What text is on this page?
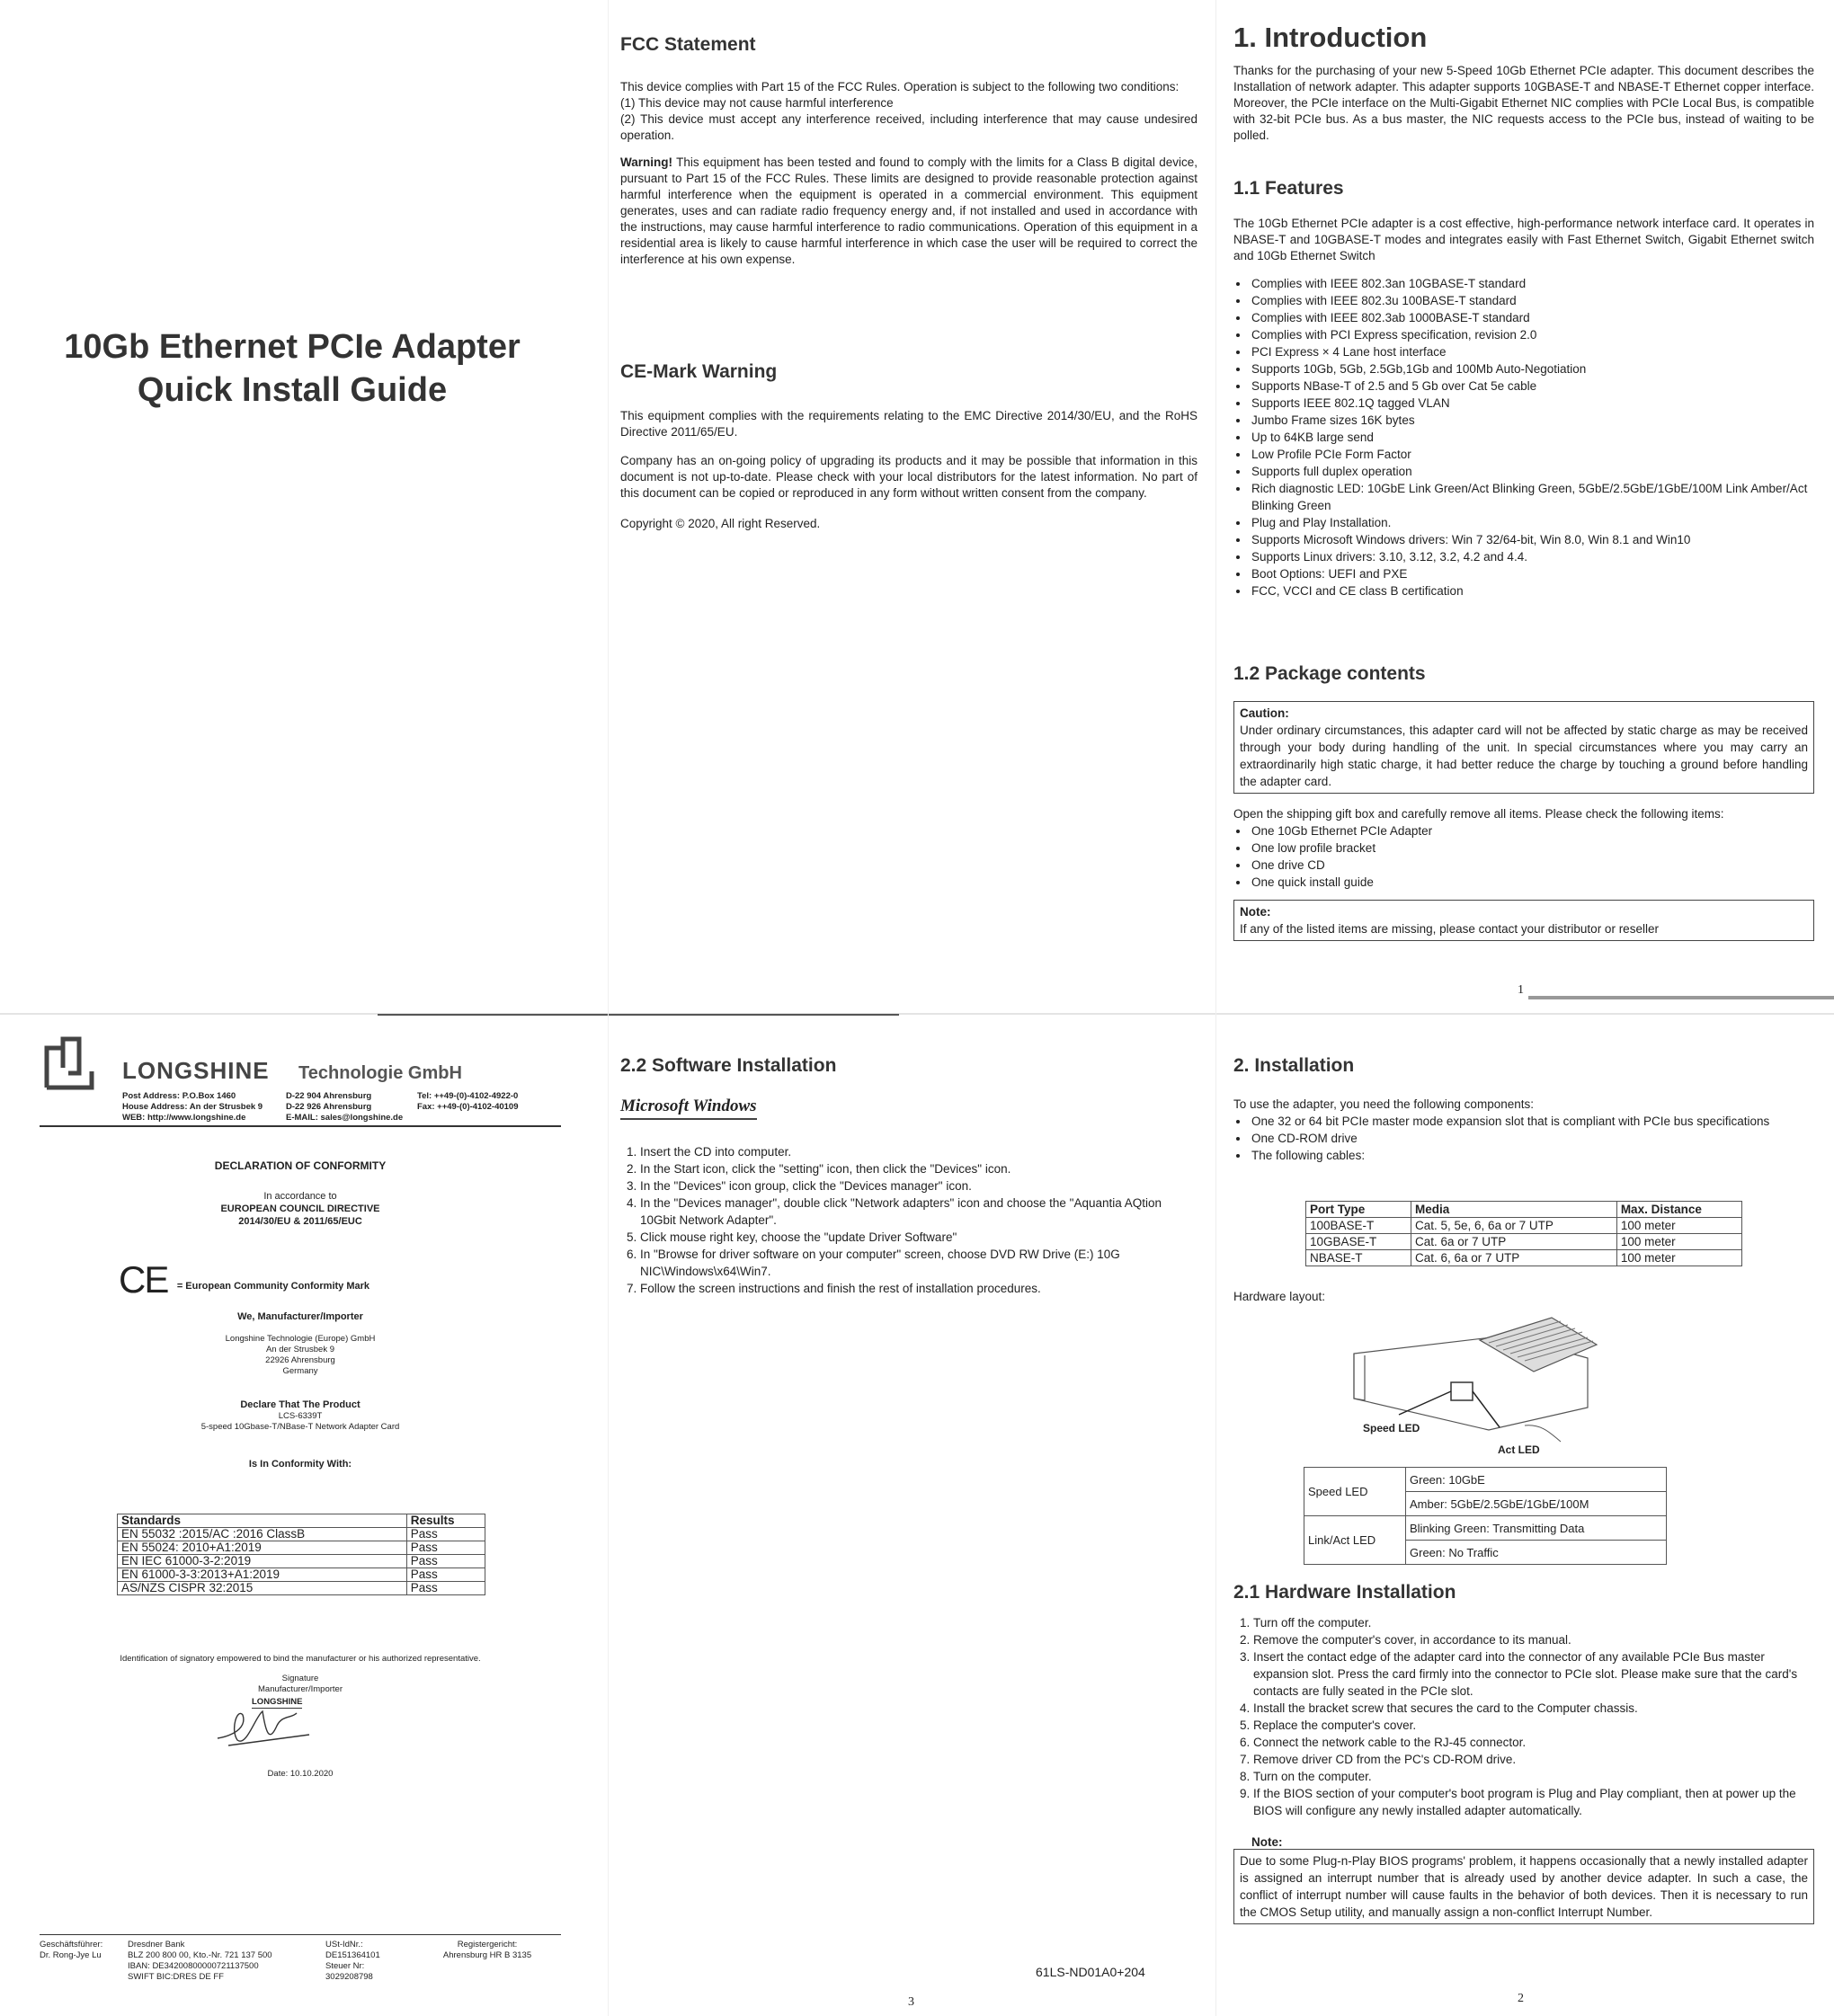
10Gb Ethernet PCIe Adapter
Quick Install Guide
FCC Statement

This device complies with Part 15 of the FCC Rules. Operation is subject to the following two conditions:

(1) This device may not cause harmful interference

(2) This device must accept any interference received, including interference that may cause undesired operation.

Warning! This equipment has been tested and found to comply with the limits for a Class B digital device, pursuant to Part 15 of the FCC Rules. These limits are designed to provide reasonable protection against harmful interference when the equipment is operated in a commercial environment. This equipment generates, uses and can radiate radio frequency energy and, if not installed and used in accordance with the instructions, may cause harmful interference to radio communications. Operation of this equipment in a residential area is likely to cause harmful interference in which case the user will be required to correct the interference at his own expense.

CE-Mark Warning

This equipment complies with the requirements relating to the EMC Directive 2014/30/EU, and the RoHS Directive 2011/65/EU.

Company has an on-going policy of upgrading its products and it may be possible that information in this document is not up-to-date. Please check with your local distributors for the latest information. No part of this document can be copied or reproduced in any form without written consent from the company.

Copyright © 2020, All right Reserved.

1. Introduction

Thanks for the purchasing of your new 5-Speed 10Gb Ethernet PCIe adapter. This document describes the Installation of network adapter. This adapter supports 10GBASE-T and NBASE-T Ethernet copper interface. Moreover, the PCIe interface on the Multi-Gigabit Ethernet NIC complies with PCIe Local Bus, is compatible with 32-bit PCIe bus. As a bus master, the NIC requests access to the PCIe bus, instead of waiting to be polled.

1.1 Features

The 10Gb Ethernet PCIe adapter is a cost effective, high-performance network interface card. It operates in NBASE-T and 10GBASE-T modes and integrates easily with Fast Ethernet Switch, Gigabit Ethernet switch and 10Gb Ethernet Switch

• Complies with IEEE 802.3an 10GBASE-T standard
• Complies with IEEE 802.3u 100BASE-T standard
• Complies with IEEE 802.3ab 1000BASE-T standard
• Complies with PCI Express specification, revision 2.0
• PCI Express × 4 Lane host interface
• Supports 10Gb, 5Gb, 2.5Gb,1Gb and 100Mb Auto-Negotiation
• Supports NBase-T of 2.5 and 5 Gb over Cat 5e cable
• Supports IEEE 802.1Q tagged VLAN
• Jumbo Frame sizes 16K bytes
• Up to 64KB large send
• Low Profile PCIe Form Factor
• Supports full duplex operation
• Rich diagnostic LED: 10GbE Link Green/Act Blinking Green, 5GbE/2.5GbE/1GbE/100M Link Amber/Act Blinking Green
• Plug and Play Installation.
• Supports Microsoft Windows drivers: Win 7 32/64-bit, Win 8.0, Win 8.1 and Win10
• Supports Linux drivers: 3.10, 3.12, 3.2, 4.2 and 4.4.
• Boot Options: UEFI and PXE
• FCC, VCCI and CE class B certification
1.2 Package contents
Caution:
Under ordinary circumstances, this adapter card will not be affected by static charge as may be received through your body during handling of the unit. In special circumstances where you may carry an extraordinarily high static charge, it had better reduce the charge by touching a ground before handling the adapter card.

Open the shipping gift box and carefully remove all items. Please check the following items:

• One 10Gb Ethernet PCIe Adapter
• One low profile bracket
• One drive CD
• One quick install guide
Note:
If any of the listed items are missing, please contact your distributor or reseller
1
LONGSHINE Technologie GmbH
Post Address: P.O.Box 1460
House Address: An der Strusbek 9
WEB: http://www.longshine.de
D-22 904 Ahrensburg
D-22 926 Ahrensburg
E-MAIL: sales@longshine.de
Tel: ++49-(0)-4102-4922-0
Fax: ++49-(0)-4102-40109
DECLARATION OF CONFORMITY
In accordance to
EUROPEAN COUNCIL DIRECTIVE
2014/30/EU & 2011/65/EUC
CE $^{= European Community Conformity Mark}$
We, Manufacturer/Importer
Longshine Technologie (Europe) GmbH
An der Strusbek 9
22926 Ahrensburg
Germany
Declare That The Product
LCS-6339T
5-speed 10Gbase-T/NBase-T Network Adapter Card
Is In Conformity With:
Standards	Results
EN 55032 :2015/AC :2016 ClassB	Pass
EN 55024: 2010+A1:2019	Pass
EN IEC 61000-3-2:2019	Pass
EN 61000-3-3:2013+A1:2019	Pass
AS/NZS CISPR 32:2015	Pass
Identification of signatory empowered to bind the manufacturer or his authorized representative.
Signature
Manufacturer/Importer
LONGSHINE
Date: 10.10.2020
Geschäftsführer:
Dr. Rong-Jye Lu
Dresdner Bank
BLZ 200 800 00, Kto.-Nr. 721 137 500
IBAN: DE34200800000721137500
SWIFT BIC:DRES DE FF
USt-IdNr.:
DE151364101
Steuer Nr:
3029208798
Registergericht:
Ahrensburg HR B 3135
3
2.2 Software Installation
Microsoft Windows
1. Insert the CD into computer.
2. In the Start icon, click the "setting" icon, then click the "Devices" icon.
3. In the "Devices" icon group, click the "Devices manager" icon.
4. In the "Devices manager", double click "Network adapters" icon and choose the "Aquantia AQtion 10Gbit Network Adapter".
5. Click mouse right key, choose the "update Driver Software"
6. In "Browse for driver software on your computer" screen, choose DVD RW Drive (E:) 10G NIC\Windows\x64\Win7.
7. Follow the screen instructions and finish the rest of installation procedures.
61LS-ND01A0+204
2. Installation

To use the adapter, you need the following components:

• One 32 or 64 bit PCIe master mode expansion slot that is compliant with PCIe bus specifications
• One CD-ROM drive
• The following cables:
Port Type	Media	Max. Distance
100BASE-T	Cat. 5, 5e, 6, 6a or 7 UTP	100 meter
10GBASE-T	Cat. 6a or 7 UTP	100 meter
NBASE-T	Cat. 6, 6a or 7 UTP	100 meter
Hardware layout:
Speed LED
Act LED
Speed LED	Green: 10GbE
	Amber: 5GbE/2.5GbE/1GbE/100M
Link/Act LED	Blinking Green: Transmitting Data
	Green: No Traffic
2.1 Hardware Installation
1. Turn off the computer.
2. Remove the computer's cover, in accordance to its manual.
3. Insert the contact edge of the adapter card into the connector of any available PCIe Bus master expansion slot. Press the card firmly into the connector to PCIe slot. Please make sure that the card's contacts are fully seated in the PCIe slot.
4. Install the bracket screw that secures the card to the Computer chassis.
5. Replace the computer's cover.
6. Connect the network cable to the RJ-45 connector.
7. Remove driver CD from the PC's CD-ROM drive.
8. Turn on the computer.
9. If the BIOS section of your computer's boot program is Plug and Play compliant, then at power up the BIOS will configure any newly installed adapter automatically.
Note:
Due to some Plug-n-Play BIOS programs' problem, it happens occasionally that a newly installed adapter is assigned an interrupt number that is already used by another device adapter. In such a case, the conflict of interrupt number will cause faults in the behavior of both devices. Then it is necessary to run the CMOS Setup utility, and manually assign a non-conflict Interrupt Number.
2
